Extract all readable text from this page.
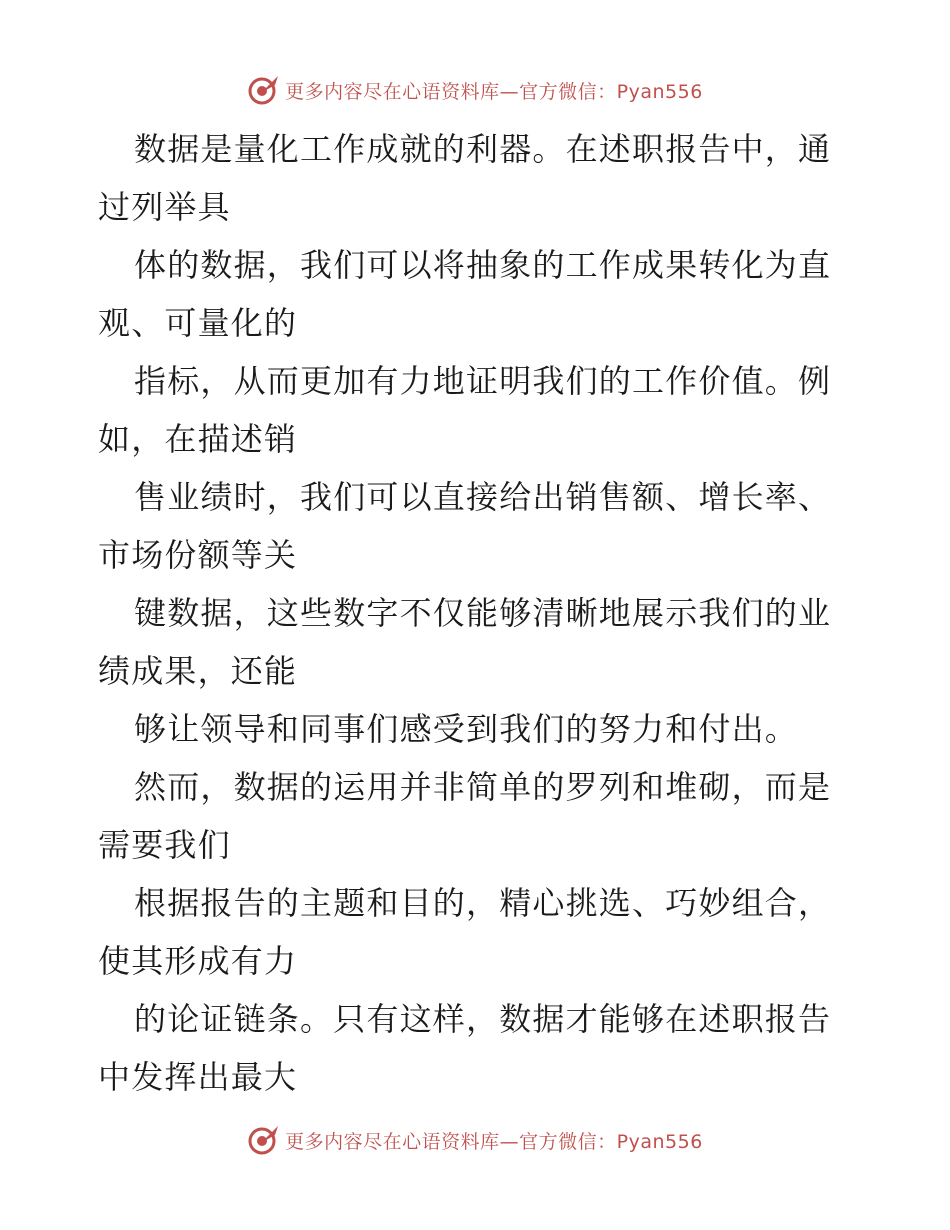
更多内容尽在心语资料库—官方微信：Pyan556
数据是量化工作成就的利器。在述职报告中，通
过列举具
体的数据，我们可以将抽象的工作成果转化为直
观、可量化的
指标，从而更加有力地证明我们的工作价值。例
如，在描述销
售业绩时，我们可以直接给出销售额、增长率、
市场份额等关
键数据，这些数字不仅能够清晰地展示我们的业
绩成果，还能
够让领导和同事们感受到我们的努力和付出。
然而，数据的运用并非简单的罗列和堆砌，而是
需要我们
根据报告的主题和目的，精心挑选、巧妙组合，
使其形成有力
的论证链条。只有这样，数据才能够在述职报告
中发挥出最大
更多内容尽在心语资料库—官方微信：Pyan556
